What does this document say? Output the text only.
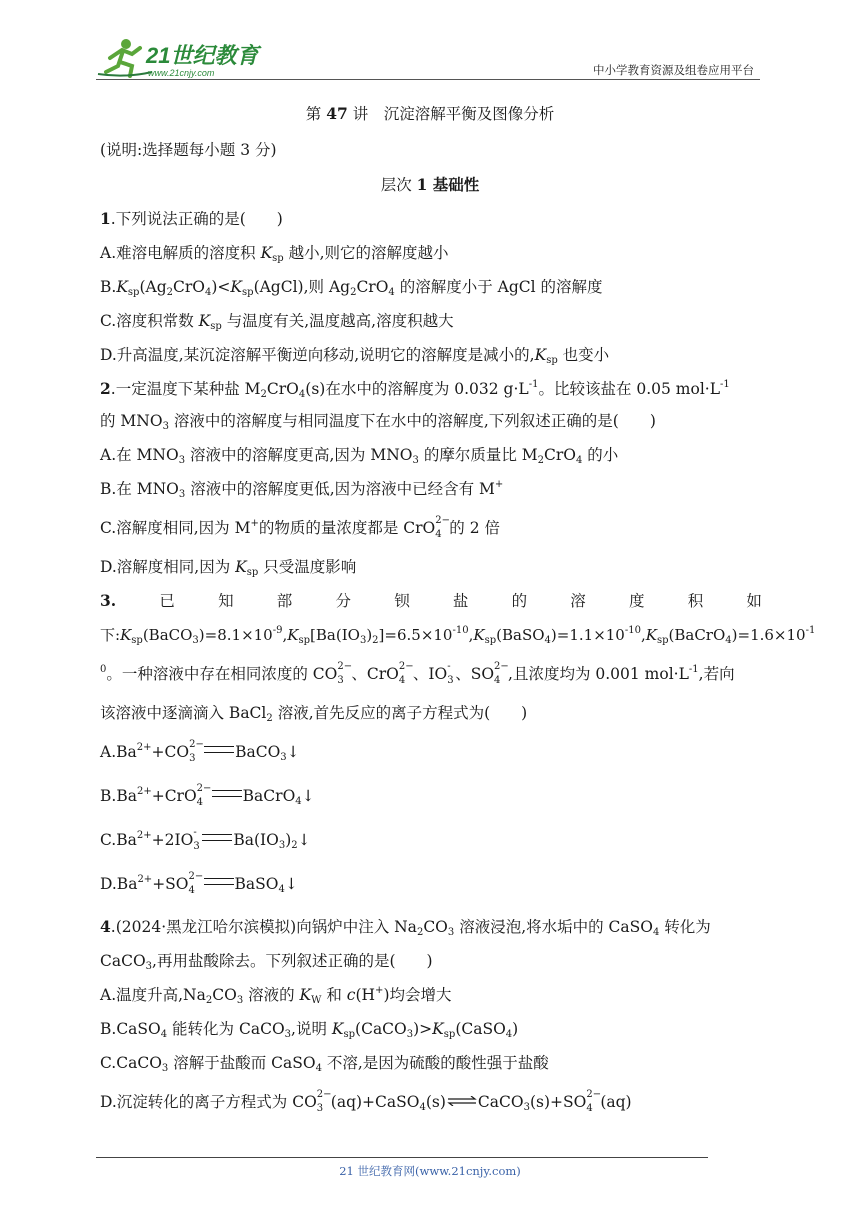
21世纪教育
www.21cnjy.com	中小学教育资源及组卷应用平台
第 47 讲　沉淀溶解平衡及图像分析
(说明:选择题每小题 3 分)
层次 1 基础性
1.下列说法正确的是(　　)
A.难溶电解质的溶度积 $K_{sp}$ 越小,则它的溶解度越小
$B.K_{sp}(Ag_2CrO_4)<K_{sp}(AgCl)$,则 $Ag_2CrO_4$ 的溶解度小于 AgCl 的溶解度
C.溶度积常数 $K_{sp}$ 与温度有关,温度越高,溶度积越大
D.升高温度,某沉淀溶解平衡逆向移动,说明它的溶解度是减小的$,K_{sp}$ 也变小
2.一定温度下某种盐 $M_2CrO_4(s)$在水中的溶解度为 0.032 $g\cdot L^{-1}$。比较该盐在 0.05 $mol\cdot L^{-1}$
的 $MNO_3$ 溶液中的溶解度与相同温度下在水中的溶解度,下列叙述正确的是(　　)
A.在 $MNO_3$ 溶液中的溶解度更高,因为 $MNO_3$ 的摩尔质量比 $M_2CrO_4$ 的小
B.在 $MNO_3$ 溶液中的溶解度更低,因为溶液中已经含有 M+
C.溶解度相同,因为 M+的物质的量浓度都是 CrO 2−
4 的 2 倍
D.溶解度相同,因为 $K_{sp}$ 只受温度影响
3.	已	知	部	分	钡	盐	的	溶	度	积	如
下$:K_{sp}(BaCO_3)=8.1\times 10^{-9},K_{sp}[Ba(IO_3)_2]=6.5\times 10^{-10},K_{sp}(BaSO_4)=1.1\times 10^{-10},K_{sp}(BaCrO_4)=1.6\times 10^{-1}$
$^0$。一种溶液中存在相同浓度的 CO 2−
3 、CrO 2−
4 、IO -
3 、SO 2−
4 ,且浓度均为 0.001 $mol\cdot L^{-1}$,若向
该溶液中逐滴滴入 BaCl$_2$ 溶液,首先反应的离子方程式为(　　)
$A.Ba^{2+}+CO$ 2−
3	BaCO$_3$↓
$B.Ba^{2+}+CrO$ 2−
4	BaCrO$_4$↓
$C.Ba^{2+}+2IO$ -
3 $Ba(IO_3)_2↓$
$D.Ba^{2+}+SO$ 2−
4	BaSO$_4$↓
4.(2024·黑龙江哈尔滨模拟)向锅炉中注入 $Na_2CO_3$ 溶液浸泡,将水垢中的 CaSO$_4$ 转化为
CaCO$_3$,再用盐酸除去。下列叙述正确的是(　　)
A.温度升高$,Na_2CO_3$ 溶液的 $K_W$ 和 c(H+)均会增大
B.CaSO$_4$ 能转化为 CaCO$_3$,说明 $K_{sp}(CaCO_3)>K_{sp}(CaSO_4)$
C.CaCO$_3$ 溶解于盐酸而 CaSO$_4$ 不溶,是因为硫酸的酸性强于盐酸
D.沉淀转化的离子方程式为 CO 2−
3 (aq)+CaSO$_4$(s)⇌CaCO$_3$(s)+SO 2−
4 (aq)
21 世纪教育网(www.21cnjy.com)
